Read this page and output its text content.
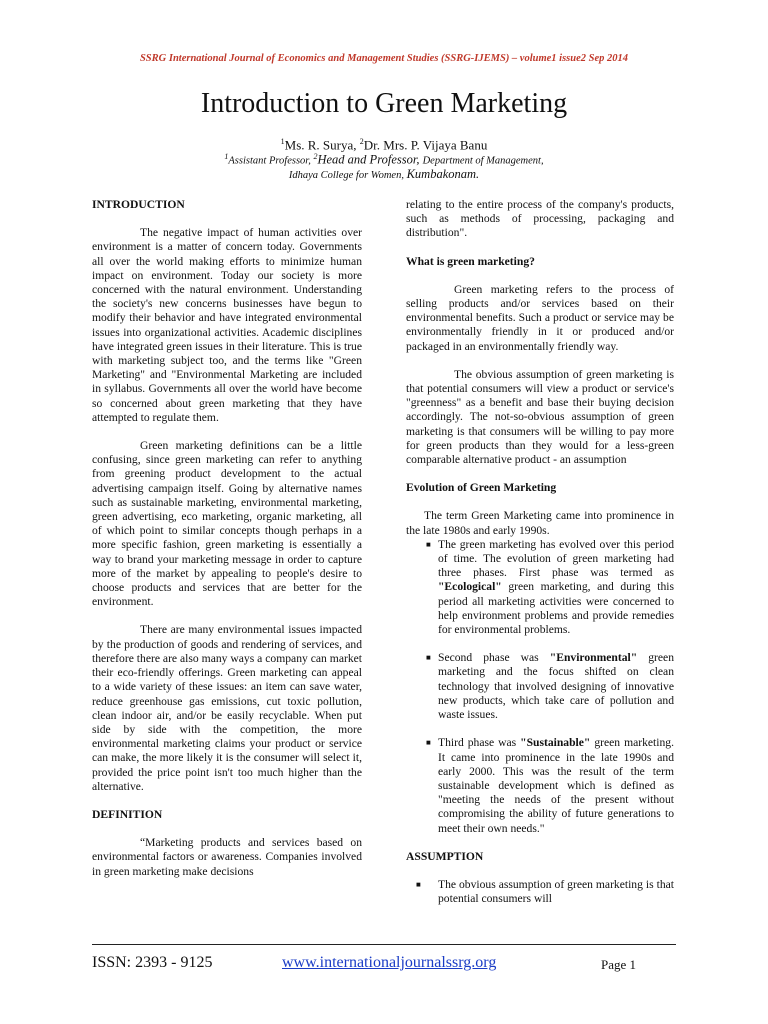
SSRG International Journal of Economics and Management Studies (SSRG-IJEMS) – volume1 issue2 Sep 2014
Introduction to Green Marketing
$^1$Ms. R. Surya, $^2$Dr. Mrs. P. Vijaya Banu
$^1$Assistant Professor, $^2$Head and Professor, Department of Management,
Idhaya College for Women, Kumbakonam.
INTRODUCTION

The negative impact of human activities over environment is a matter of concern today. Governments all over the world making efforts to minimize human impact on environment. Today our society is more concerned with the natural environment. Understanding the society's new concerns businesses have begun to modify their behavior and have integrated environmental issues into organizational activities. Academic disciplines have integrated green issues in their literature. This is true with marketing subject too, and the terms like "Green Marketing" and "Environmental Marketing are included in syllabus. Governments all over the world have become so concerned about green marketing that they have attempted to regulate them.

Green marketing definitions can be a little confusing, since green marketing can refer to anything from greening product development to the actual advertising campaign itself. Going by alternative names such as sustainable marketing, environmental marketing, green advertising, eco marketing, organic marketing, all of which point to similar concepts though perhaps in a more specific fashion, green marketing is essentially a way to brand your marketing message in order to capture more of the market by appealing to people's desire to choose products and services that are better for the environment.

There are many environmental issues impacted by the production of goods and rendering of services, and therefore there are also many ways a company can market their eco-friendly offerings. Green marketing can appeal to a wide variety of these issues: an item can save water, reduce greenhouse gas emissions, cut toxic pollution, clean indoor air, and/or be easily recyclable. When put side by side with the competition, the more environmental marketing claims your product or service can make, the more likely it is the consumer will select it, provided the price point isn't too much higher than the alternative.

DEFINITION

“Marketing products and services based on environmental factors or awareness. Companies involved in green marketing make decisions

relating to the entire process of the company's products, such as methods of processing, packaging and distribution".

What is green marketing?

Green marketing refers to the process of selling products and/or services based on their environmental benefits. Such a product or service may be environmentally friendly in it or produced and/or packaged in an environmentally friendly way.

The obvious assumption of green marketing is that potential consumers will view a product or service's "greenness" as a benefit and base their buying decision accordingly. The not-so-obvious assumption of green marketing is that consumers will be willing to pay more for green products than they would for a less-green comparable alternative product - an assumption

Evolution of Green Marketing

The term Green Marketing came into prominence in the late 1980s and early 1990s.

■ The green marketing has evolved over this period of time. The evolution of green marketing had three phases. First phase was termed as "Ecological" green marketing, and during this period all marketing activities were concerned to help environment problems and provide remedies for environmental problems.

■ Second phase was "Environmental" green marketing and the focus shifted on clean technology that involved designing of innovative new products, which take care of pollution and waste issues.

■ Third phase was "Sustainable" green marketing. It came into prominence in the late 1990s and early 2000. This was the result of the term sustainable development which is defined as "meeting the needs of the present without compromising the ability of future generations to meet their own needs."

ASSUMPTION

■ The obvious assumption of green marketing is that potential consumers will

ISSN: 2393 - 9125	www.internationaljournalssrg.org	Page 1
